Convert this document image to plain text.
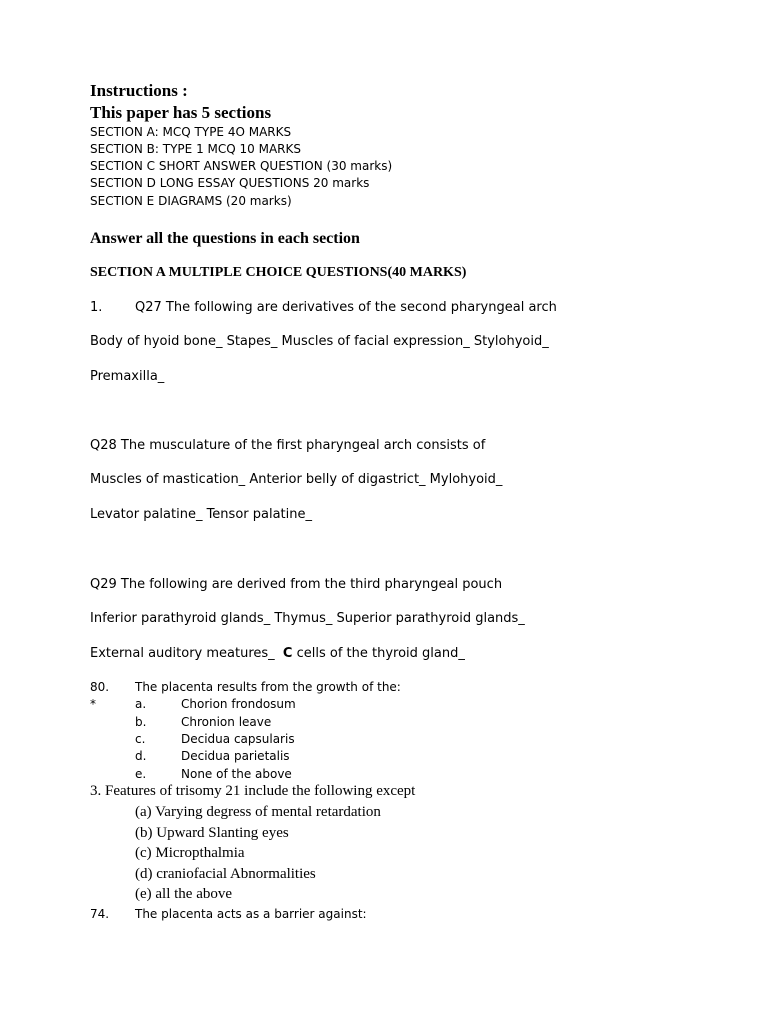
Instructions :
This paper has 5 sections
SECTION A: MCQ TYPE 4O MARKS
SECTION B: TYPE 1 MCQ 10 MARKS
SECTION C SHORT ANSWER QUESTION (30 marks)
SECTION D LONG ESSAY QUESTIONS 20 marks
SECTION E DIAGRAMS (20 marks)
Answer all the questions in each section
SECTION A MULTIPLE CHOICE QUESTIONS(40 MARKS)
1.	Q27 The following are derivatives of the second pharyngeal arch
Body of hyoid bone_ Stapes_ Muscles of facial expression_ Stylohyoid_
Premaxilla_
Q28 The musculature of the first pharyngeal arch consists of
Muscles of mastication_ Anterior belly of digastrict_ Mylohyoid_
Levator palatine_ Tensor palatine_
Q29 The following are derived from the third pharyngeal pouch
Inferior parathyroid glands_ Thymus_ Superior parathyroid glands_
External auditory meatures_  C cells of the thyroid gland_
80. The placenta results from the growth of the:
*	a.	Chorion frondosum
b.	Chronion leave
c.	Decidua capsularis
d.	Decidua parietalis
e.	None of the above
3. Features of trisomy 21 include the following except
(a) Varying degress of mental retardation
(b) Upward Slanting eyes
(c) Micropthalmia
(d) craniofacial Abnormalities
(e) all the above
74. The placenta acts as a barrier against:
